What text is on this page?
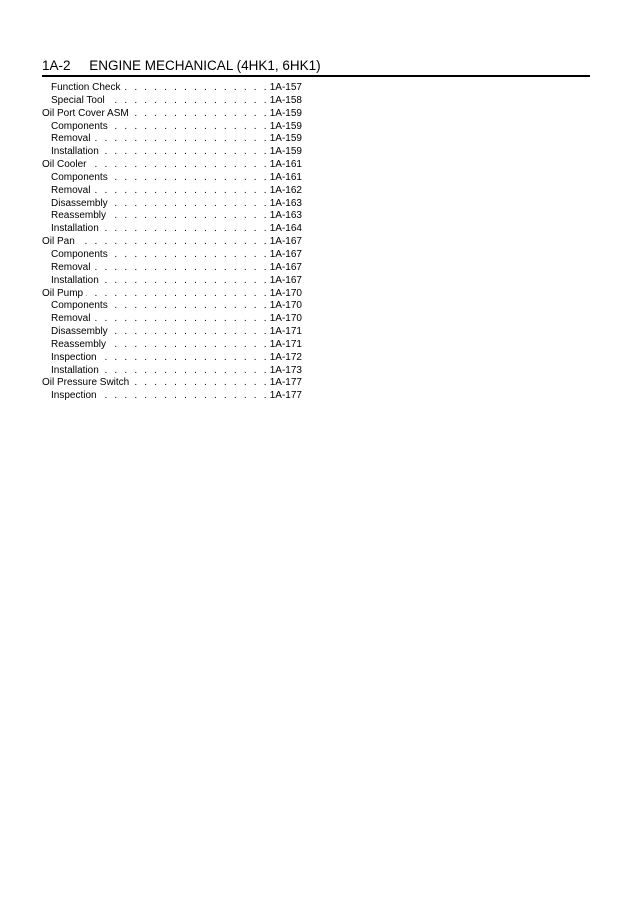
1A-2 ENGINE MECHANICAL (4HK1, 6HK1)
Function Check . . .	1A-157
Special Tool . . .	1A-158
Oil Port Cover ASM . . .	1A-159
Components . . .	1A-159
Removal . . .	1A-159
Installation . . .	1A-159
Oil Cooler . . .	1A-161
Components . . .	1A-161
Removal . . .	1A-162
Disassembly . . .	1A-163
Reassembly . . .	1A-163
Installation . . .	1A-164
Oil Pan . . .	1A-167
Components . . .	1A-167
Removal . . .	1A-167
Installation . . .	1A-167
Oil Pump . . .	1A-170
Components . . .	1A-170
Removal . . .	1A-170
Disassembly . . .	1A-171
Reassembly . . .	1A-171
Inspection . . .	1A-172
Installation . . .	1A-173
Oil Pressure Switch . . .	1A-177
Inspection . . .	1A-177
